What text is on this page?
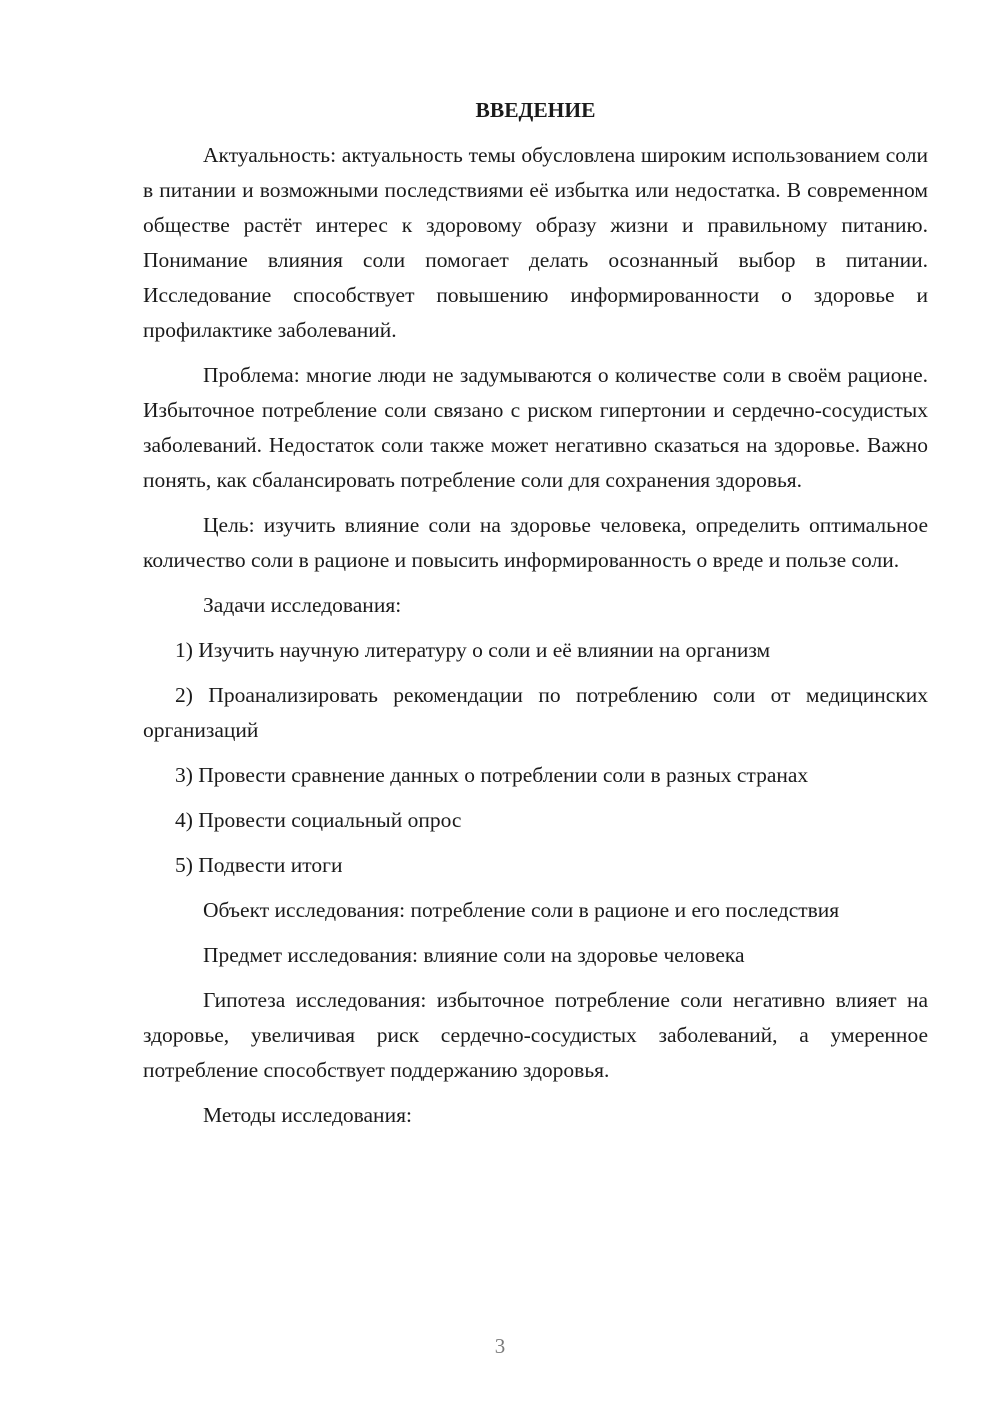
ВВЕДЕНИЕ

Актуальность: актуальность темы обусловлена широким использованием соли в питании и возможными последствиями её избытка или недостатка. В современном обществе растёт интерес к здоровому образу жизни и правильному питанию. Понимание влияния соли помогает делать осознанный выбор в питании. Исследование способствует повышению информированности о здоровье и профилактике заболеваний.

Проблема: многие люди не задумываются о количестве соли в своём рационе. Избыточное потребление соли связано с риском гипертонии и сердечно-сосудистых заболеваний. Недостаток соли также может негативно сказаться на здоровье. Важно понять, как сбалансировать потребление соли для сохранения здоровья.

Цель: изучить влияние соли на здоровье человека, определить оптимальное количество соли в рационе и повысить информированность о вреде и пользе соли.

Задачи исследования:

1) Изучить научную литературу о соли и её влиянии на организм

2) Проанализировать рекомендации по потреблению соли от медицинских организаций

3) Провести сравнение данных о потреблении соли в разных странах

4) Провести социальный опрос

5) Подвести итоги

Объект исследования: потребление соли в рационе и его последствия

Предмет исследования: влияние соли на здоровье человека

Гипотеза исследования: избыточное потребление соли негативно влияет на здоровье, увеличивая риск сердечно-сосудистых заболеваний, а умеренное потребление способствует поддержанию здоровья.

Методы исследования:

3
